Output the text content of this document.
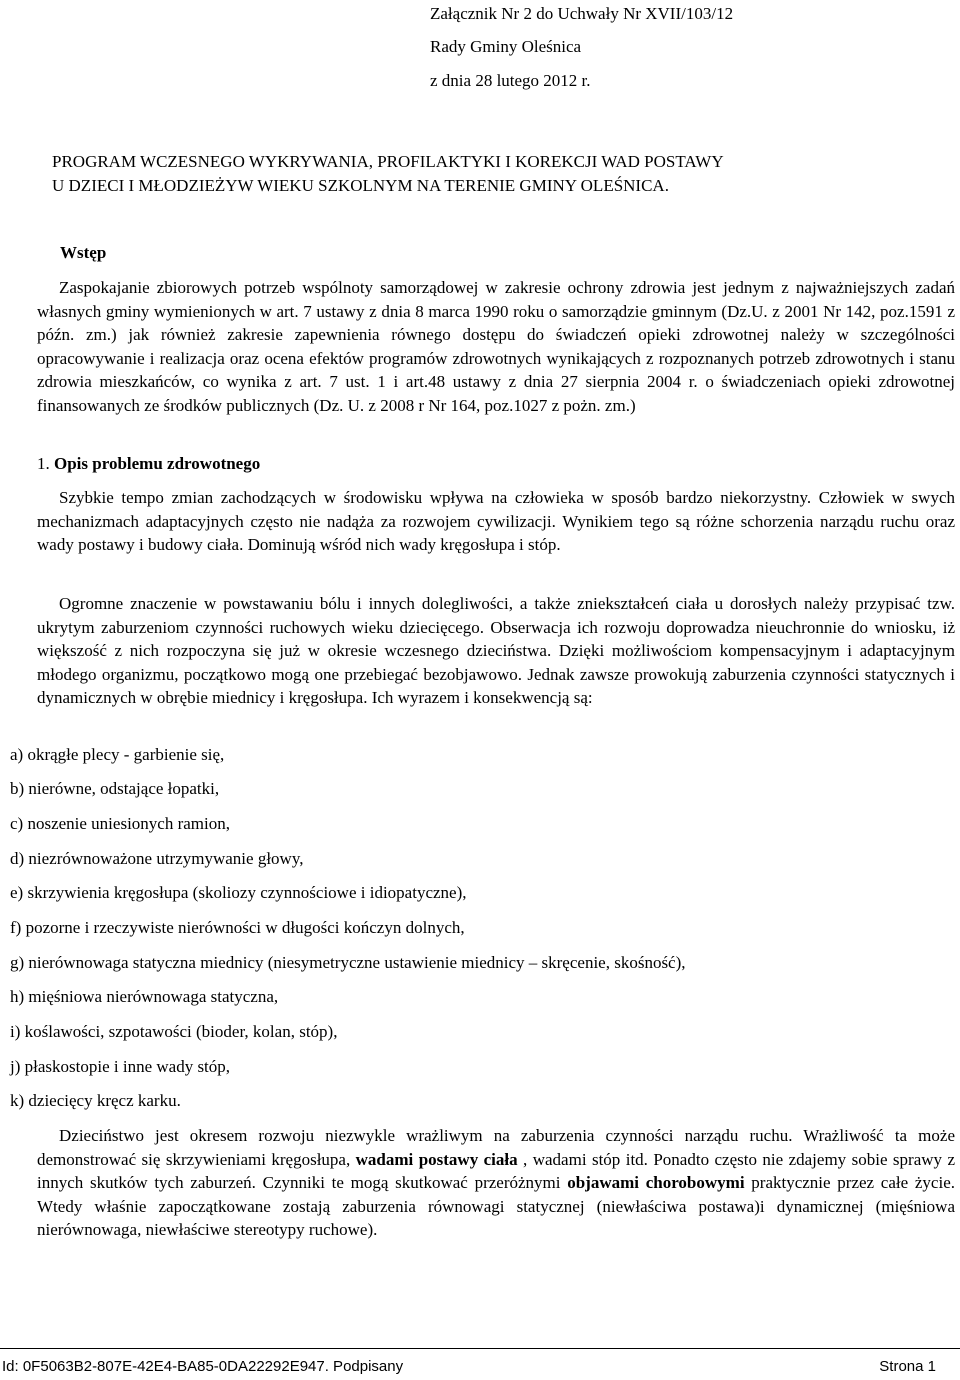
Załącznik Nr 2 do Uchwały Nr XVII/103/12
Rady Gminy Oleśnica
z dnia 28 lutego 2012 r.
PROGRAM WCZESNEGO WYKRYWANIA, PROFILAKTYKI I KOREKCJI WAD POSTAWY
U DZIECI I MŁODZIEŻYW WIEKU SZKOLNYM NA TERENIE GMINY OLEŚNICA.
Wstęp

Zaspokajanie zbiorowych potrzeb wspólnoty samorządowej w zakresie ochrony zdrowia jest jednym z najważniejszych zadań własnych gminy wymienionych w art. 7 ustawy z dnia 8 marca 1990 roku o samorządzie gminnym (Dz.U. z 2001 Nr 142, poz.1591 z późn. zm.) jak również zakresie zapewnienia równego dostępu do świadczeń opieki zdrowotnej należy w szczególności opracowywanie i realizacja oraz ocena efektów programów zdrowotnych wynikających z rozpoznanych potrzeb zdrowotnych i stanu zdrowia mieszkańców, co wynika z art. 7 ust. 1 i art.48 ustawy z dnia 27 sierpnia 2004 r. o świadczeniach opieki zdrowotnej finansowanych ze środków publicznych (Dz. U. z 2008 r Nr 164, poz.1027 z pożn. zm.)

1. Opis problemu zdrowotnego

Szybkie tempo zmian zachodzących w środowisku wpływa na człowieka w sposób bardzo niekorzystny. Człowiek w swych mechanizmach adaptacyjnych często nie nadąża za rozwojem cywilizacji. Wynikiem tego są różne schorzenia narządu ruchu oraz wady postawy i budowy ciała. Dominują wśród nich wady kręgosłupa i stóp.

Ogromne znaczenie w powstawaniu bólu i innych dolegliwości, a także zniekształceń ciała u dorosłych należy przypisać tzw. ukrytym zaburzeniom czynności ruchowych wieku dziecięcego. Obserwacja ich rozwoju doprowadza nieuchronnie do wniosku, iż większość z nich rozpoczyna się już w okresie wczesnego dzieciństwa. Dzięki możliwościom kompensacyjnym i adaptacyjnym młodego organizmu, początkowo mogą one przebiegać bezobjawowo. Jednak zawsze prowokują zaburzenia czynności statycznych i dynamicznych w obrębie miednicy i kręgosłupa. Ich wyrazem i konsekwencją są:

a) okrągłe plecy - garbienie się,
b) nierówne, odstające łopatki,
c) noszenie uniesionych ramion,
d) niezrównoważone utrzymywanie głowy,
e) skrzywienia kręgosłupa (skoliozy czynnościowe i idiopatyczne),
f) pozorne i rzeczywiste nierówności w długości kończyn dolnych,
g) nierównowaga statyczna miednicy (niesymetryczne ustawienie miednicy – skręcenie, skośność),
h) mięśniowa nierównowaga statyczna,
i) koślawości, szpotawości (bioder, kolan, stóp),
j) płaskostopie i inne wady stóp,
k) dziecięcy kręcz karku.

Dzieciństwo jest okresem rozwoju niezwykle wrażliwym na zaburzenia czynności narządu ruchu. Wrażliwość ta może demonstrować się skrzywieniami kręgosłupa, wadami postawy ciała , wadami stóp itd. Ponadto często nie zdajemy sobie sprawy z innych skutków tych zaburzeń. Czynniki te mogą skutkować przeróżnymi objawami chorobowymi praktycznie przez całe życie. Wtedy właśnie zapoczątkowane zostają zaburzenia równowagi statycznej (niewłaściwa postawa)i dynamicznej (mięśniowa nierównowaga, niewłaściwe stereotypy ruchowe).

Id: 0F5063B2-807E-42E4-BA85-0DA22292E947. Podpisany	Strona 1
